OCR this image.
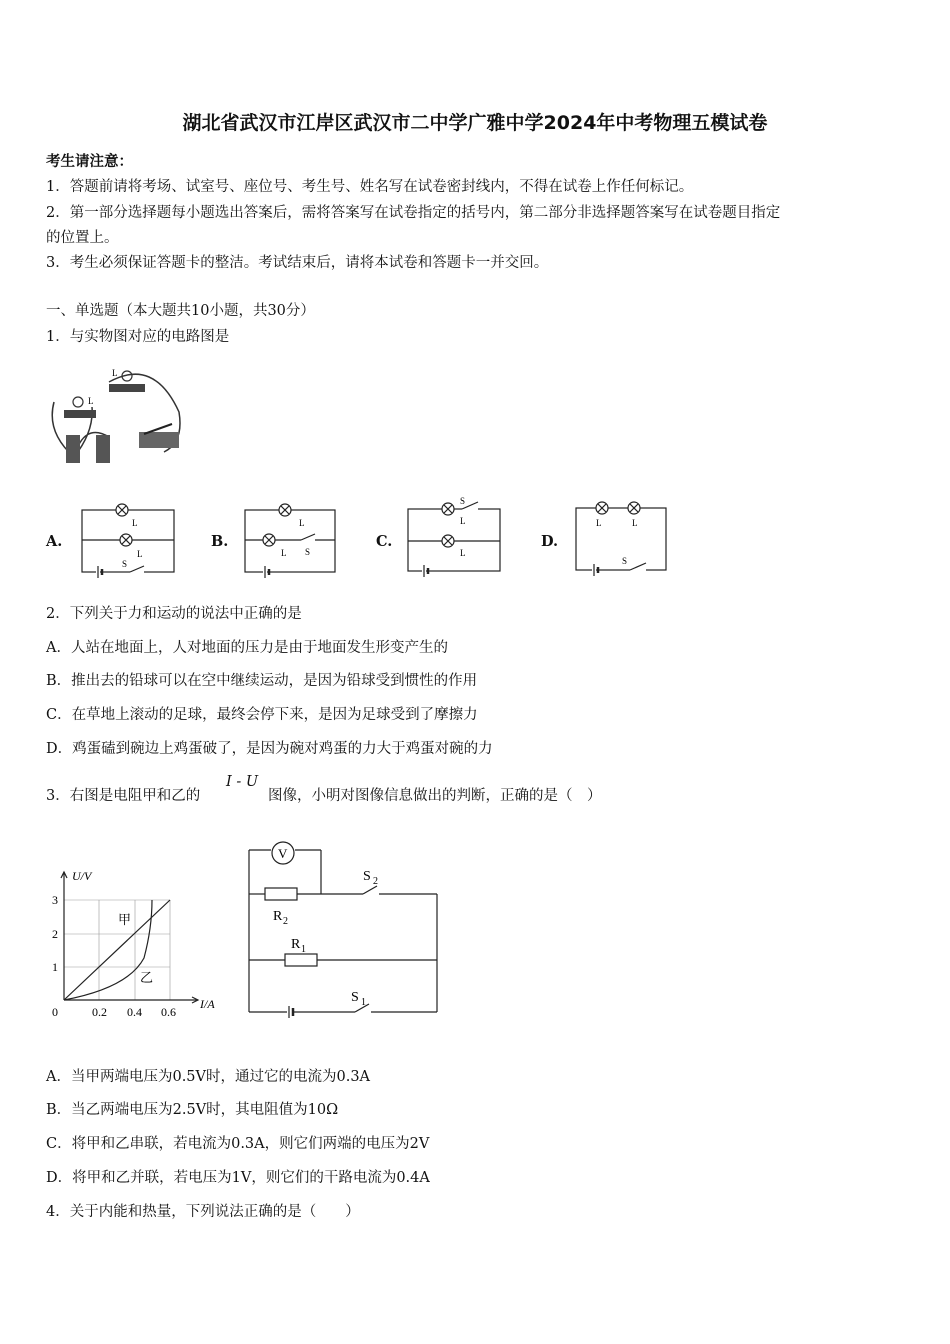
湖北省武汉市江岸区武汉市二中学广雅中学2024年中考物理五模试卷
考生请注意：
1．答题前请将考场、试室号、座位号、考生号、姓名写在试卷密封线内，不得在试卷上作任何标记。
2．第一部分选择题每小题选出答案后，需将答案写在试卷指定的括号内，第二部分非选择题答案写在试卷题目指定
的位置上。
3．考生必须保证答题卡的整洁。考试结束后，请将本试卷和答题卡一并交回。
一、单选题（本大题共10小题，共30分）
1．与实物图对应的电路图是
L
L
A.
L
L
S
B.
L
L S
C.
S
L
L
D.
L	L
S
2．下列关于力和运动的说法中正确的是
A．人站在地面上，人对地面的压力是由于地面发生形变产生的
B．推出去的铅球可以在空中继续运动，是因为铅球受到惯性的作用
C．在草地上滚动的足球，最终会停下来，是因为足球受到了摩擦力
D．鸡蛋磕到碗边上鸡蛋破了，是因为碗对鸡蛋的力大于鸡蛋对碗的力
3．右图是电阻甲和乙的
I - U
图像，小明对图像信息做出的判断，正确的是（　）
U/V
I/A
1
2
3
0	0.2 0.4 0.6
甲
乙
V
S 2
R 2
R 1
S 1
A．当甲两端电压为0.5V时，通过它的电流为0.3A
B．当乙两端电压为2.5V时，其电阻值为10Ω
C．将甲和乙串联，若电流为0.3A，则它们两端的电压为2V
D．将甲和乙并联，若电压为1V，则它们的干路电流为0.4A
4．关于内能和热量，下列说法正确的是（　　）
